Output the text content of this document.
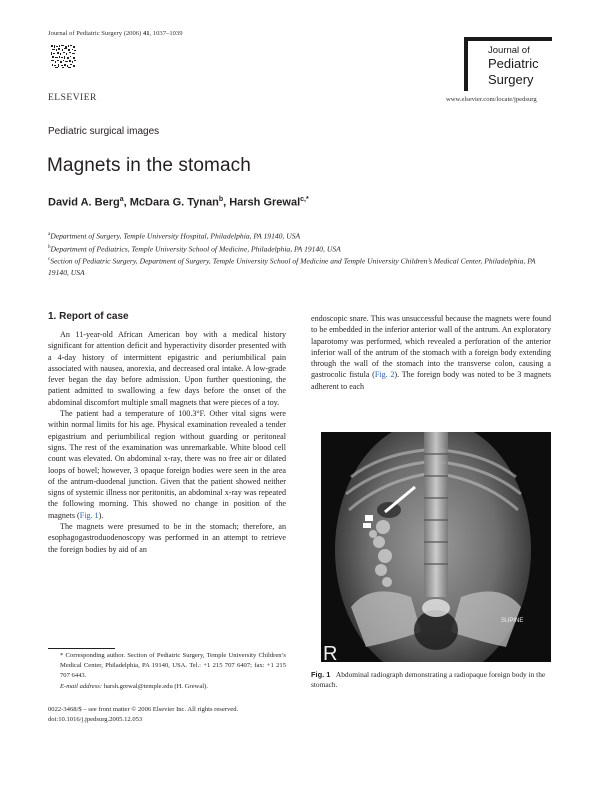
Journal of Pediatric Surgery (2006) 41, 1037–1039
ELSEVIER
Journal of
Pediatric
Surgery
www.elsevier.com/locate/jpedsurg
Pediatric surgical images
Magnets in the stomach
David A. Berg$^a$, McDara G. Tynan$^b$, Harsh Grewal$^{c,*}$
$^a$Department of Surgery, Temple University Hospital, Philadelphia, PA 19140, USA
$^b$Department of Pediatrics, Temple University School of Medicine, Philadelphia, PA 19140, USA
$^c$Section of Pediatric Surgery, Department of Surgery, Temple University School of Medicine and Temple University Children’s Medical Center, Philadelphia, PA 19140, USA
1. Report of case

An 11-year-old African American boy with a medical history significant for attention deficit and hyperactivity disorder presented with a 4-day history of intermittent epigastric and periumbilical pain associated with nausea, anorexia, and decreased oral intake. A low-grade fever began the day before admission. Upon further questioning, the patient admitted to swallowing a few days before the onset of the abdominal discomfort multiple small magnets that were pieces of a toy.

The patient had a temperature of 100.3°F. Other vital signs were within normal limits for his age. Physical examination revealed a tender epigastrium and periumbilical region without guarding or peritoneal signs. The rest of the examination was unremarkable. White blood cell count was elevated. On abdominal x-ray, there was no free air or dilated loops of bowel; however, 3 opaque foreign bodies were seen in the area of the antrum-duodenal junction. Given that the patient showed neither signs of systemic illness nor peritonitis, an abdominal x-ray was repeated the following morning. This showed no change in position of the magnets (Fig. 1).

The magnets were presumed to be in the stomach; therefore, an esophagogastroduodenoscopy was performed in an attempt to retrieve the foreign bodies by aid of an

endoscopic snare. This was unsuccessful because the magnets were found to be embedded in the inferior anterior wall of the antrum. An exploratory laparotomy was performed, which revealed a perforation of the anterior inferior wall of the antrum of the stomach with a foreign body extending through the wall of the stomach into the transverse colon, causing a gastrocolic fistula (Fig. 2). The foreign body was noted to be 3 magnets adherent to each

SUPINE
R
Fig. 1 Abdominal radiograph demonstrating a radiopaque foreign body in the stomach.
* Corresponding author. Section of Pediatric Surgery, Temple University Children’s Medical Center, Philadelphia, PA 19140, USA. Tel.: +1 215 707 6407; fax: +1 215 707 6443.
E-mail address: harsh.grewal@temple.edu (H. Grewal).
0022-3468/$ – see front matter © 2006 Elsevier Inc. All rights reserved.
doi:10.1016/j.jpedsurg.2005.12.053
